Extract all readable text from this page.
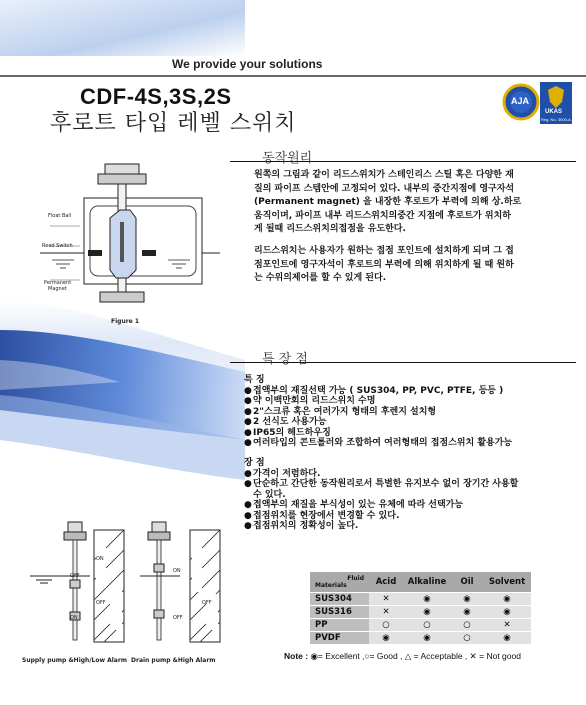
We provide your solutions
CDF-4S,3S,2S
후로트 타입 레벨 스위치
AJA
UKAS
Reg. No. 3000-A
동작원리
원쪽의 그림과 같이 리드스위치가 스테인리스 스틸 혹은 다양한 재
질의 파이프 스템안에 고정되어 있다. 내부의 중간지점에 영구자석
(Permanent magnet) 을 내장한 후로트가 부력에 의해 상.하로
움직이며, 파이프 내부 리드스위치의중간 지점에 후로트가 위치하
게 될때 리드스위치의접점을 유도한다.
리드스위치는 사용자가 원하는 접점 포인트에 설치하게 되며 그 접
점포인트에 영구자석이 후로트의 부력에 의해 위치하게 될 때 원하
는 수위의제어를 할 수 있게 된다.
Float Ball
Reed Switch
Permanent
Magnet
Figure 1
특 장 점
특 징
●접액부의 재질선택 가능 ( SUS304, PP, PVC, PTFE, 등등 )
●약 이백만회의 리드스위치 수명
●2"스크류 혹은 여러가지 형태의 후렌지 설치형
●2 선식도 사용가능
●IP65의 헤드하우징
●여러타입의 콘트롤러와 조합하여 여러형태의 접점스위치 활용가능
장 점
●가격이 저렴하다.
●단순하고 간단한 동작원리로서 특별한 유지보수 없이 장기간 사용할
수 있다.
●접액부의 재질을 부식성이 있는 유체에 따라 선택가능
●접점위치를 현장에서 변경할 수 있다.
●접점위치의 정확성이 높다.
OFF
ON
ON
OFF
Supply pump &High/Low Alarm
ON
OFF
OFF
Drain pump &High Alarm
Fluid
Materials	Acid	Alkaline	Oil	Solvent
SUS304	✕	◉	◉	◉
SUS316	✕	◉	◉	◉
PP	○	○	○	✕
PVDF	◉	◉	○	◉
Note : ◉= Excellent ,○= Good , △ = Acceptable , ✕ = Not good
